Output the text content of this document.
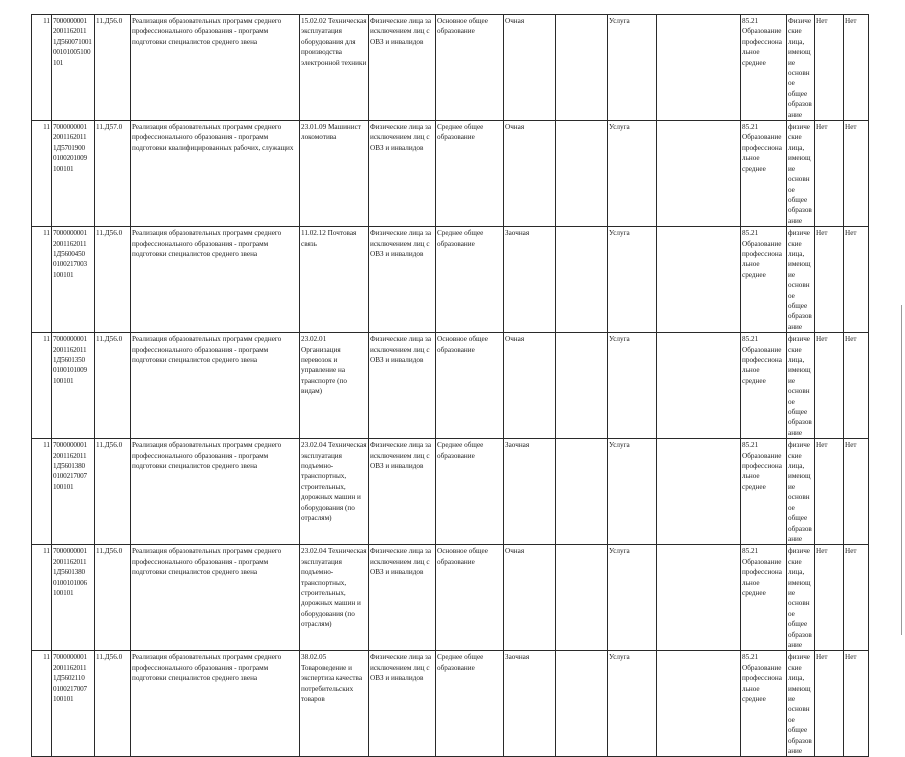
11	7000000001 2001162011 1Д56007100100101005100101	11.Д56.0	Реализация образовательных программ среднего профессионального образования - программ подготовки специалистов среднего звена	15.02.02 Техническая эксплуатация оборудования для производства электронной техники	Физические лица за исключением лиц с ОВЗ и инвалидов	Основное общее образование	Очная		Услуга		85.21 Образование профессиональное среднее	Физические лица, имеющие основное общее образование	Нет	Нет
11	7000000001 2001162011 1Д5701900 0100201009 100101	11.Д57.0	Реализация образовательных программ среднего профессионального образования - программ подготовки квалифицированных рабочих, служащих	23.01.09 Машинист локомотива	Физические лица за исключением лиц с ОВЗ и инвалидов	Среднее общее образование	Очная		Услуга		85.21 Образование профессиональное среднее	физические лица, имеющие основное общее образование	Нет	Нет
11	7000000001 2001162011 1Д5600450 0100217003 100101	11.Д56.0	Реализация образовательных программ среднего профессионального образования - программ подготовки специалистов среднего звена	11.02.12 Почтовая связь	Физические лица за исключением лиц с ОВЗ и инвалидов	Среднее общее образование	Заочная		Услуга		85.21 Образование профессиональное среднее	физические лица, имеющие основное общее образование	Нет	Нет
11	7000000001 2001162011 1Д5601350 0100101009 100101	11.Д56.0	Реализация образовательных программ среднего профессионального образования - программ подготовки специалистов среднего звена	23.02.01 Организация перевозок и управление на транспорте (по видам)	Физические лица за исключением лиц с ОВЗ и инвалидов	Основное общее образование	Очная		Услуга		85.21 Образование профессиональное среднее	физические лица, имеющие основное общее образование	Нет	Нет
11	7000000001 2001162011 1Д5601380 0100217007 100101	11.Д56.0	Реализация образовательных программ среднего профессионального образования - программ подготовки специалистов среднего звена	23.02.04 Техническая эксплуатация подъемно-транспортных, строительных, дорожных машин и оборудования (по отраслям)	Физические лица за исключением лиц с ОВЗ и инвалидов	Среднее общее образование	Заочная		Услуга		85.21 Образование профессиональное среднее	физические лица, имеющие основное общее образование	Нет	Нет
11	7000000001 2001162011 1Д5601380 0100101006 100101	11.Д56.0	Реализация образовательных программ среднего профессионального образования - программ подготовки специалистов среднего звена	23.02.04 Техническая эксплуатация подъемно-транспортных, строительных, дорожных машин и оборудования (по отраслям)	Физические лица за исключением лиц с ОВЗ и инвалидов	Основное общее образование	Очная		Услуга		85.21 Образование профессиональное среднее	физические лица, имеющие основное общее образование	Нет	Нет
11	7000000001 2001162011 1Д5602110 0100217007 100101	11.Д56.0	Реализация образовательных программ среднего профессионального образования - программ подготовки специалистов среднего звена	38.02.05 Товароведение и экспертиза качества потребительских товаров	Физические лица за исключением лиц с ОВЗ и инвалидов	Среднее общее образование	Заочная		Услуга		85.21 Образование профессиональное среднее	физические лица, имеющие основное общее образование	Нет	Нет
